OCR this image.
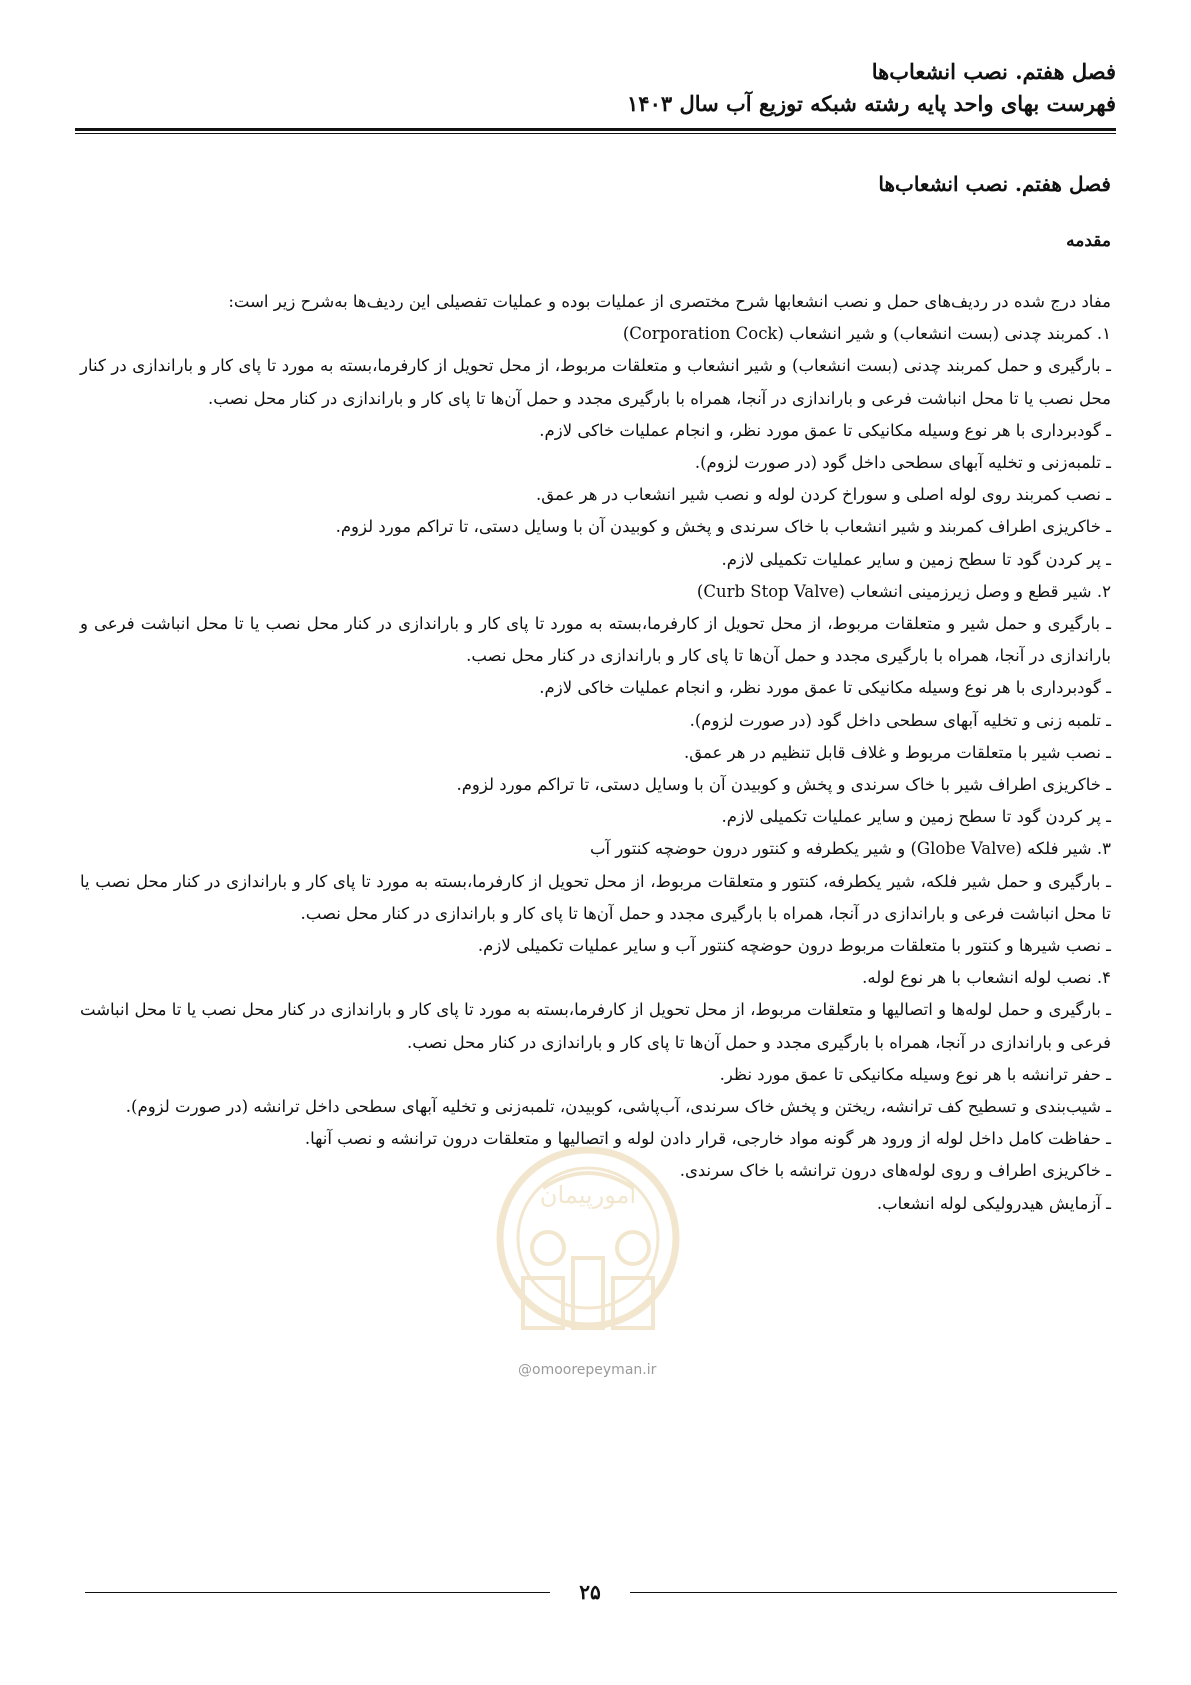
فصل هفتم. نصب انشعاب‌ها
فهرست بهای واحد پایه رشته شبکه توزیع آب سال ۱۴۰۳
فصل هفتم. نصب انشعاب‌ها
مقدمه

مفاد درج شده در ردیف‌های حمل و نصب انشعابها شرح مختصری از عملیات بوده و عملیات تفصیلی این ردیف‌ها به‌شرح زیر است:

۱. کمربند چدنی (بست انشعاب) و شیر انشعاب (Corporation Cock)

ـ بارگیری و حمل کمربند چدنی (بست انشعاب) و شیر انشعاب و متعلقات مربوط، از محل تحویل از کارفرما،بسته به مورد تا پای کار و باراندازی در کنار محل نصب یا تا محل انباشت فرعی و باراندازی در آنجا، همراه با بارگیری مجدد و حمل آن‌ها تا پای کار و باراندازی در کنار محل نصب.

ـ گودبرداری با هر نوع وسیله مکانیکی تا عمق مورد نظر، و انجام عملیات خاکی لازم.

ـ تلمبه‌زنی و تخلیه آبهای سطحی داخل گود (در صورت لزوم).

ـ نصب کمربند روی لوله اصلی و سوراخ کردن لوله و نصب شیر انشعاب در هر عمق.

ـ خاکریزی اطراف کمربند و شیر انشعاب با خاک سرندی و پخش و کوبیدن آن با وسایل دستی، تا تراکم مورد لزوم.

ـ پر کردن گود تا سطح زمین و سایر عملیات تکمیلی لازم.

۲. شیر قطع و وصل زیرزمینی انشعاب (Curb Stop Valve)

ـ بارگیری و حمل شیر و متعلقات مربوط، از محل تحویل از کارفرما،بسته به مورد تا پای کار و باراندازی در کنار محل نصب یا تا محل انباشت فرعی و باراندازی در آنجا، همراه با بارگیری مجدد و حمل آن‌ها تا پای کار و باراندازی در کنار محل نصب.

ـ گودبرداری با هر نوع وسیله مکانیکی تا عمق مورد نظر، و انجام عملیات خاکی لازم.

ـ تلمبه زنی و تخلیه آبهای سطحی داخل گود (در صورت لزوم).

ـ نصب شیر با متعلقات مربوط و غلاف قابل تنظیم در هر عمق.

ـ خاکریزی اطراف شیر با خاک سرندی و پخش و کوبیدن آن با وسایل دستی، تا تراکم مورد لزوم.

ـ پر کردن گود تا سطح زمین و سایر عملیات تکمیلی لازم.

۳. شیر فلکه (Globe Valve) و شیر یکطرفه و کنتور درون حوضچه کنتور آب

ـ بارگیری و حمل شیر فلکه، شیر یکطرفه، کنتور و متعلقات مربوط، از محل تحویل از کارفرما،بسته به مورد تا پای کار و باراندازی در کنار محل نصب یا تا محل انباشت فرعی و باراندازی در آنجا، همراه با بارگیری مجدد و حمل آن‌ها تا پای کار و باراندازی در کنار محل نصب.

ـ نصب شیرها و کنتور با متعلقات مربوط درون حوضچه کنتور آب و سایر عملیات تکمیلی لازم.

۴. نصب لوله انشعاب با هر نوع لوله.

ـ بارگیری و حمل لوله‌ها و اتصالیها و متعلقات مربوط، از محل تحویل از کارفرما،بسته به مورد تا پای کار و باراندازی در کنار محل نصب یا تا محل انباشت فرعی و باراندازی در آنجا، همراه با بارگیری مجدد و حمل آن‌ها تا پای کار و باراندازی در کنار محل نصب.

ـ حفر ترانشه با هر نوع وسیله مکانیکی تا عمق مورد نظر.

ـ شیب‌بندی و تسطیح کف ترانشه، ریختن و پخش خاک سرندی، آب‌پاشی، کوبیدن، تلمبه‌زنی و تخلیه آبهای سطحی داخل ترانشه (در صورت لزوم).

ـ حفاظت کامل داخل لوله از ورود هر گونه مواد خارجی، قرار دادن لوله و اتصالیها و متعلقات درون ترانشه و نصب آنها.

ـ خاکریزی اطراف و روی لوله‌های درون ترانشه با خاک سرندی.

ـ آزمایش هیدرولیکی لوله انشعاب.

امورپیمان
@omoorepeyman.ir
۲۵
